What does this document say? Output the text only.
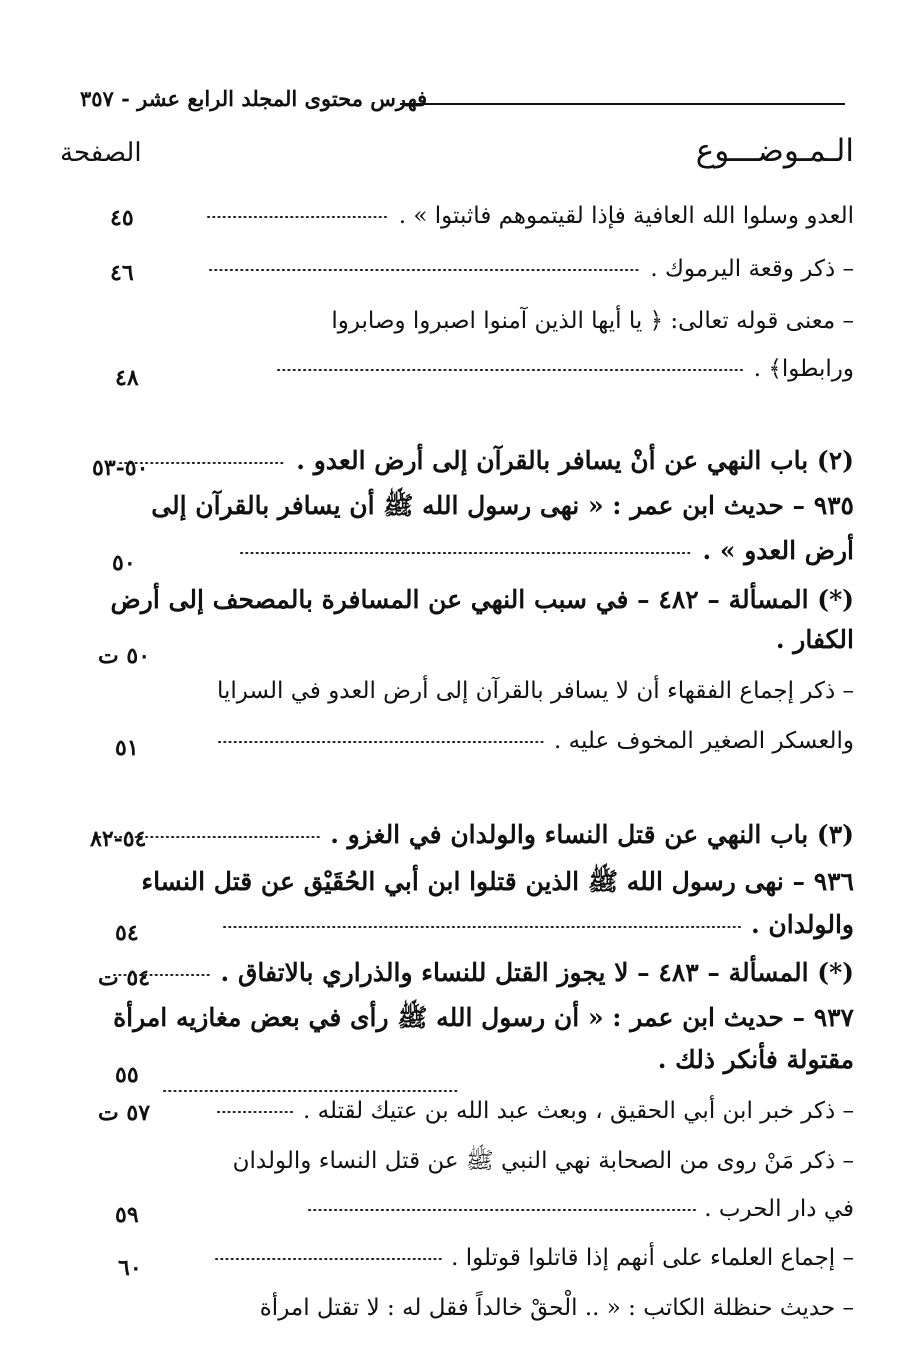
فهرس محتوى المجلد الرابع عشر - ٣٥٧
الـمـوضـــوع
الصفحة
العدو وسلوا الله العافية فإذا لقيتموهم فاثبتوا » .
٤٥
– ذكر وقعة اليرموك .
٤٦
– معنى قوله تعالى: ﴿ يا أيها الذين آمنوا اصبروا وصابروا
ورابطوا﴾ .
٤٨
(٢) باب النهي عن أنْ يسافر بالقرآن إلى أرض العدو .
٥٠-٥٣
٩٣٥ – حديث ابن عمر : « نهى رسول الله ﷺ أن يسافر بالقرآن إلى
أرض العدو » .
٥٠
(*) المسألة – ٤٨٢ – في سبب النهي عن المسافرة بالمصحف إلى أرض
الكفار .
٥٠ ت
– ذكر إجماع الفقهاء أن لا يسافر بالقرآن إلى أرض العدو في السرايا
والعسكر الصغير المخوف عليه .
٥١
(٣) باب النهي عن قتل النساء والولدان في الغزو .
٥٤-٨٢
٩٣٦ – نهى رسول الله ﷺ الذين قتلوا ابن أبي الحُقَيْق عن قتل النساء
والولدان .
٥٤
(*) المسألة – ٤٨٣ – لا يجوز القتل للنساء والذراري بالاتفاق .
٥٤ ت
٩٣٧ – حديث ابن عمر : « أن رسول الله ﷺ رأى في بعض مغازيه امرأة
مقتولة فأنكر ذلك .
٥٥
– ذكر خبر ابن أبي الحقيق ، وبعث عبد الله بن عتيك لقتله .
٥٧ ت
– ذكر مَنْ روى من الصحابة نهي النبي ﷺ عن قتل النساء والولدان
في دار الحرب .
٥٩
– إجماع العلماء على أنهم إذا قاتلوا قوتلوا .
٦٠
– حديث حنظلة الكاتب : « .. الْحقْ خالداً فقل له : لا تقتل امرأة
